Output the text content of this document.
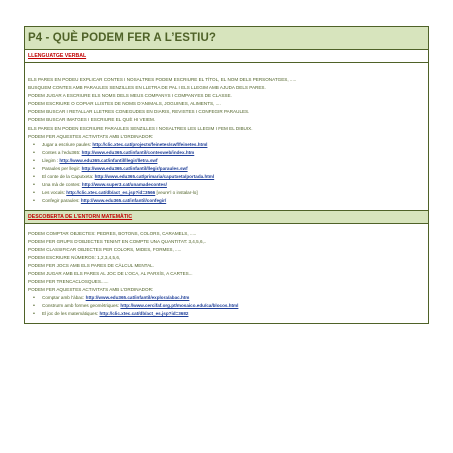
P4 - QUÈ PODEM FER A L’ESTIU?
LLENGUATGE VERBAL
ELS PARES EN PODEU EXPLICAR CONTES I NOSALTRES PODEM ESCRIURE EL TÍTOL, EL NOM DELS PERSONATGES, .....
BUSQUEM CONTES AMB PARAULES SENZILLES EN LLETRA DE PAL I ELS LLEGIM AMB AJUDA DELS PARES.
PODEM JUGAR A ESCRIURE ELS NOMS DELS MEUS COMPANYS I COMPANYES DE CLASSE.
PODEM ESCRIURE O COPIAR LLISTES DE NOMS D’ANIMALS, JOGUINES, ALIMENTS, ....
PODEM BUSCAR I RETALLAR LLETRES CONEGUDES EN DIARIS, REVISTES I CONFEGIR PARAULES.
PODEM BUSCAR IMATGES I ESCRIURE EL QUÈ HI VEIEM.
ELS PARES EN PODEN ESCRIURE PARAULES SENZILLES I NOSALTRES LES LLEGIM I FEM EL DIBUIX.
PODEM FER AQUESTES ACTIVITATS AMB L’ORDINADOR:
• Jugar a escriure paules: http://clic.xtec.cat/projects/feinetes/swf/feinetes.html
• Contes a l’edu365: http://www.edu365.cat/infantil/contesweb/index.htm
• Llegim : http://www.edu365.cat/infantil/llegir/lletra.swf
• Paraules per llegir: http://www.edu365.cat/infantil/llegir/paraules.swf
• El conte de la Caputxeta: http://www.edu365.cat/primaria/caputxeta/portada.html
• Una mà de contes: http://www.super3.cat/unamadecontes/
• Les vocals: http://clic.xtec.cat/db/act_es.jsp?id=3566 [veure’l o instalar-lo]
• Confegir paraules: http://www.edu365.cat/infantil/confegir/
DESCOBERTA DE L’ENTORN MATEMÀTIC
PODEM COMPTAR OBJECTES: PEDRES, BOTONS, COLORS, CARAMELS, .....
PODEM FER GRUPS D’OBJECTES TENINT EN COMPTE UNA QUANTITAT: 3,4,5,6,..
PODEM CLASSIFICAR OBJECTES PER COLORS, MIDES, FORMES, .....
PODEM ESCRIURE NÚMEROS: 1,2,3,4,5,6,
PODEM FER JOCS AMB ELS PARES DE CÀLCUL MENTAL.
PODEM JUGAR AMB ELS PARES AL JOC DE L’OCA, AL PARXÍS, A CARTES...
PODEM FER TRENCACLOSQUES......
PODEM FER AQUESTES ACTIVITATS AMB L’ORDINADOR:
• Comptar amb l’àbac: http://www.edu365.cat/infantil/explora/abac.htm
• Construïm amb formes geomètriques: http://www.cercifaf.org.pt/mosaico.edu/ca/blocos.html
• El joc de les matemàtiques: http://clic.xtec.cat/db/act_es.jsp?id=3682
